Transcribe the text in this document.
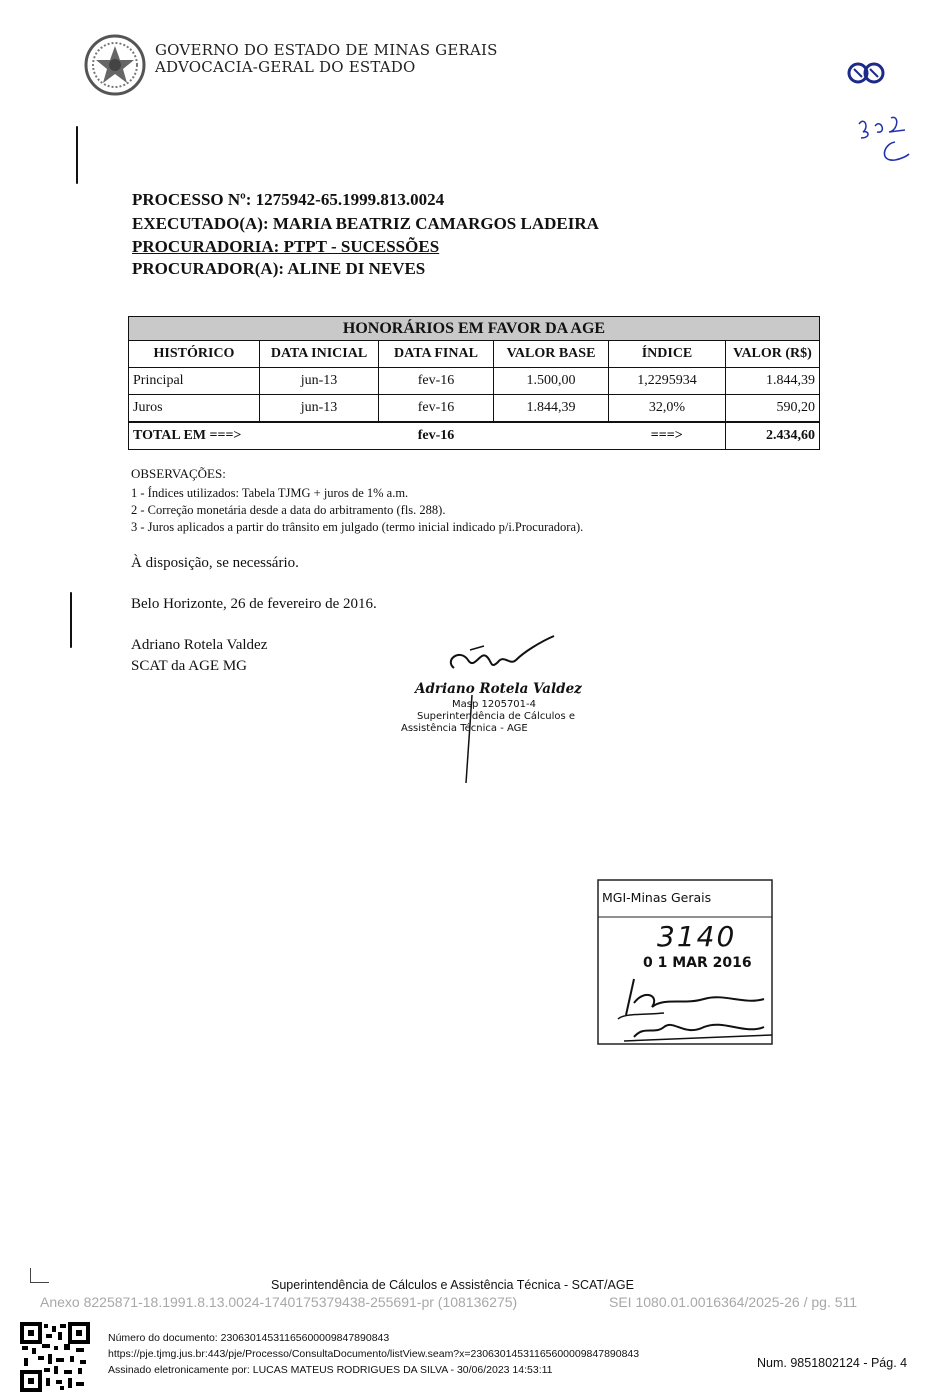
GOVERNO DO ESTADO DE MINAS GERAIS
ADVOCACIA-GERAL DO ESTADO
PROCESSO Nº: 1275942-65.1999.813.0024
EXECUTADO(A): MARIA BEATRIZ CAMARGOS LADEIRA
PROCURADORIA: PTPT - SUCESSÕES
PROCURADOR(A): ALINE DI NEVES
HONORÁRIOS EM FAVOR DA AGE					
HISTÓRICO	DATA INICIAL	DATA FINAL	VALOR BASE	ÍNDICE	VALOR (R$)
Principal	jun-13	fev-16	1.500,00	1,2295934	1.844,39
Juros	jun-13	fev-16	1.844,39	32,0%	590,20
TOTAL EM ===>		fev-16		===>	2.434,60
OBSERVAÇÕES:
1 - Índices utilizados: Tabela TJMG + juros de 1% a.m.
2 - Correção monetária desde a data do arbitramento (fls. 288).
3 - Juros aplicados a partir do trânsito em julgado (termo inicial indicado p/i.Procuradora).
À disposição, se necessário.
Belo Horizonte, 26 de fevereiro de 2016.
Adriano Rotela Valdez
SCAT da AGE MG
Adriano Rotela Valdez
Masp 1205701-4
Superintendência de Cálculos e
Assistência Técnica - AGE
MGI-Minas Gerais
3140
0 1 MAR 2016
Superintendência de Cálculos e Assistência Técnica - SCAT/AGE
Anexo 8225871-18.1991.8.13.0024-1740175379438-255691-pr (108136275)	SEI 1080.01.0016364/2025-26 / pg. 511
Número do documento: 23063014531165600009847890843
https://pje.tjmg.jus.br:443/pje/Processo/ConsultaDocumento/listView.seam?x=23063014531165600009847890843
Assinado eletronicamente por: LUCAS MATEUS RODRIGUES DA SILVA - 30/06/2023 14:53:11	Num. 9851802124 - Pág. 4
